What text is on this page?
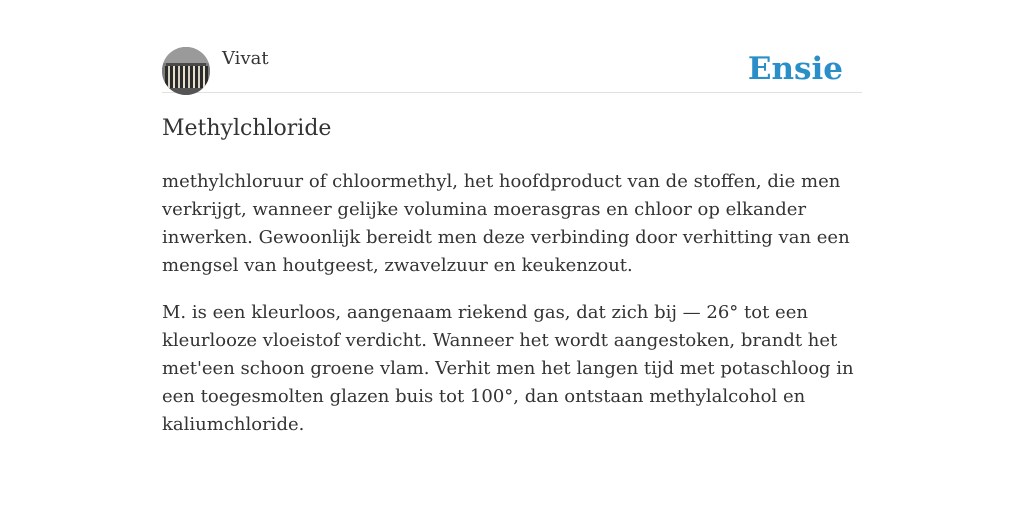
Vivat	Ensie
Methylchloride

methylchloruur of chloormethyl, het hoofdproduct van de stoffen, die men verkrijgt, wanneer gelijke volumina moerasgras en chloor op elkander inwerken. Gewoonlijk bereidt men deze verbinding door verhitting van een mengsel van houtgeest, zwavelzuur en keukenzout.

M. is een kleurloos, aangenaam riekend gas, dat zich bij — 26° tot een kleurlooze vloeistof verdicht. Wanneer het wordt aangestoken, brandt het met'een schoon groene vlam. Verhit men het langen tijd met potaschloog in een toegesmolten glazen buis tot 100°, dan ontstaan methylalcohol en kaliumchloride.
